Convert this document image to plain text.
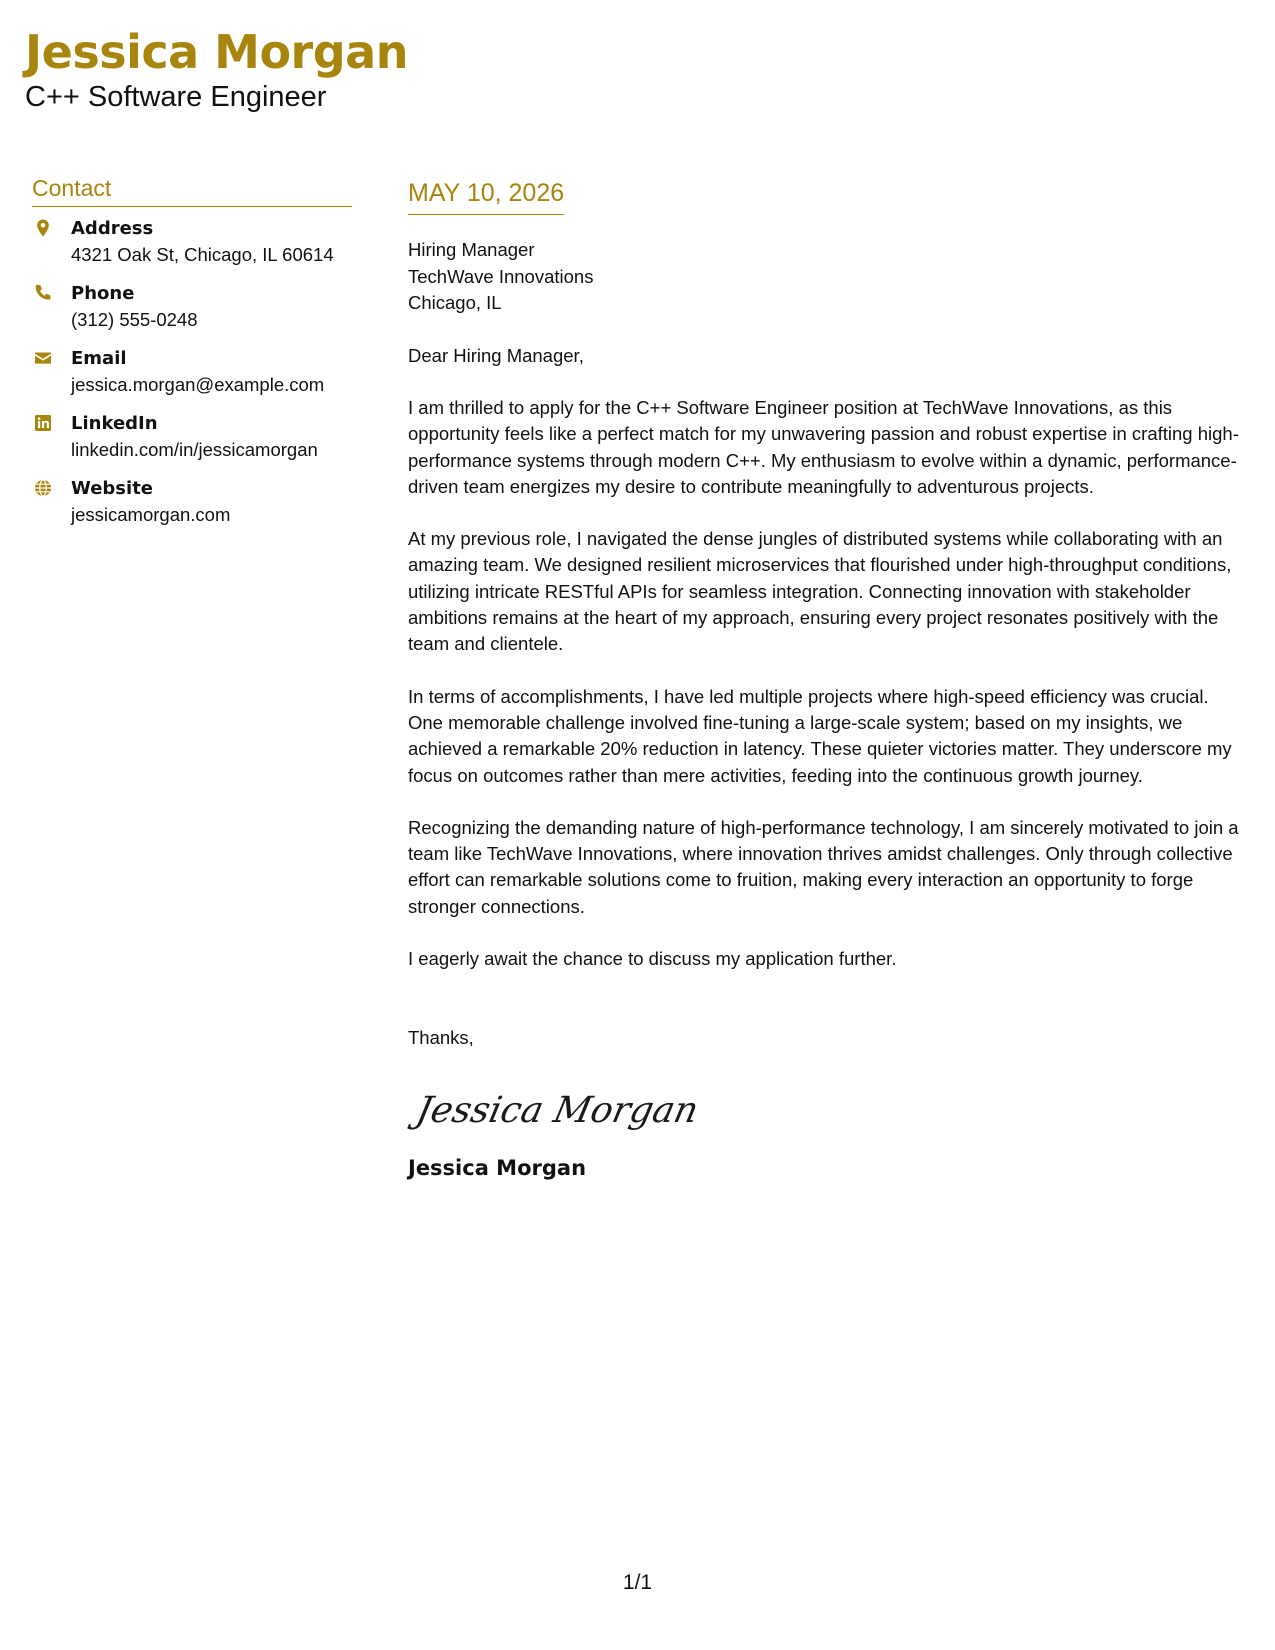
Jessica Morgan
C++ Software Engineer
Contact
Address
4321 Oak St, Chicago, IL 60614
Phone
(312) 555-0248
Email
jessica.morgan@example.com
LinkedIn
linkedin.com/in/jessicamorgan
Website
jessicamorgan.com
MAY 10, 2026
Hiring Manager
TechWave Innovations
Chicago, IL
Dear Hiring Manager,

I am thrilled to apply for the C++ Software Engineer position at TechWave Innovations, as this opportunity feels like a perfect match for my unwavering passion and robust expertise in crafting high-performance systems through modern C++. My enthusiasm to evolve within a dynamic, performance-driven team energizes my desire to contribute meaningfully to adventurous projects.

At my previous role, I navigated the dense jungles of distributed systems while collaborating with an amazing team. We designed resilient microservices that flourished under high-throughput conditions, utilizing intricate RESTful APIs for seamless integration. Connecting innovation with stakeholder ambitions remains at the heart of my approach, ensuring every project resonates positively with the team and clientele.

In terms of accomplishments, I have led multiple projects where high-speed efficiency was crucial. One memorable challenge involved fine-tuning a large-scale system; based on my insights, we achieved a remarkable 20% reduction in latency. These quieter victories matter. They underscore my focus on outcomes rather than mere activities, feeding into the continuous growth journey.

Recognizing the demanding nature of high-performance technology, I am sincerely motivated to join a team like TechWave Innovations, where innovation thrives amidst challenges. Only through collective effort can remarkable solutions come to fruition, making every interaction an opportunity to forge stronger connections.

I eagerly await the chance to discuss my application further.

Thanks,
Jessica Morgan
Jessica Morgan
1/1
